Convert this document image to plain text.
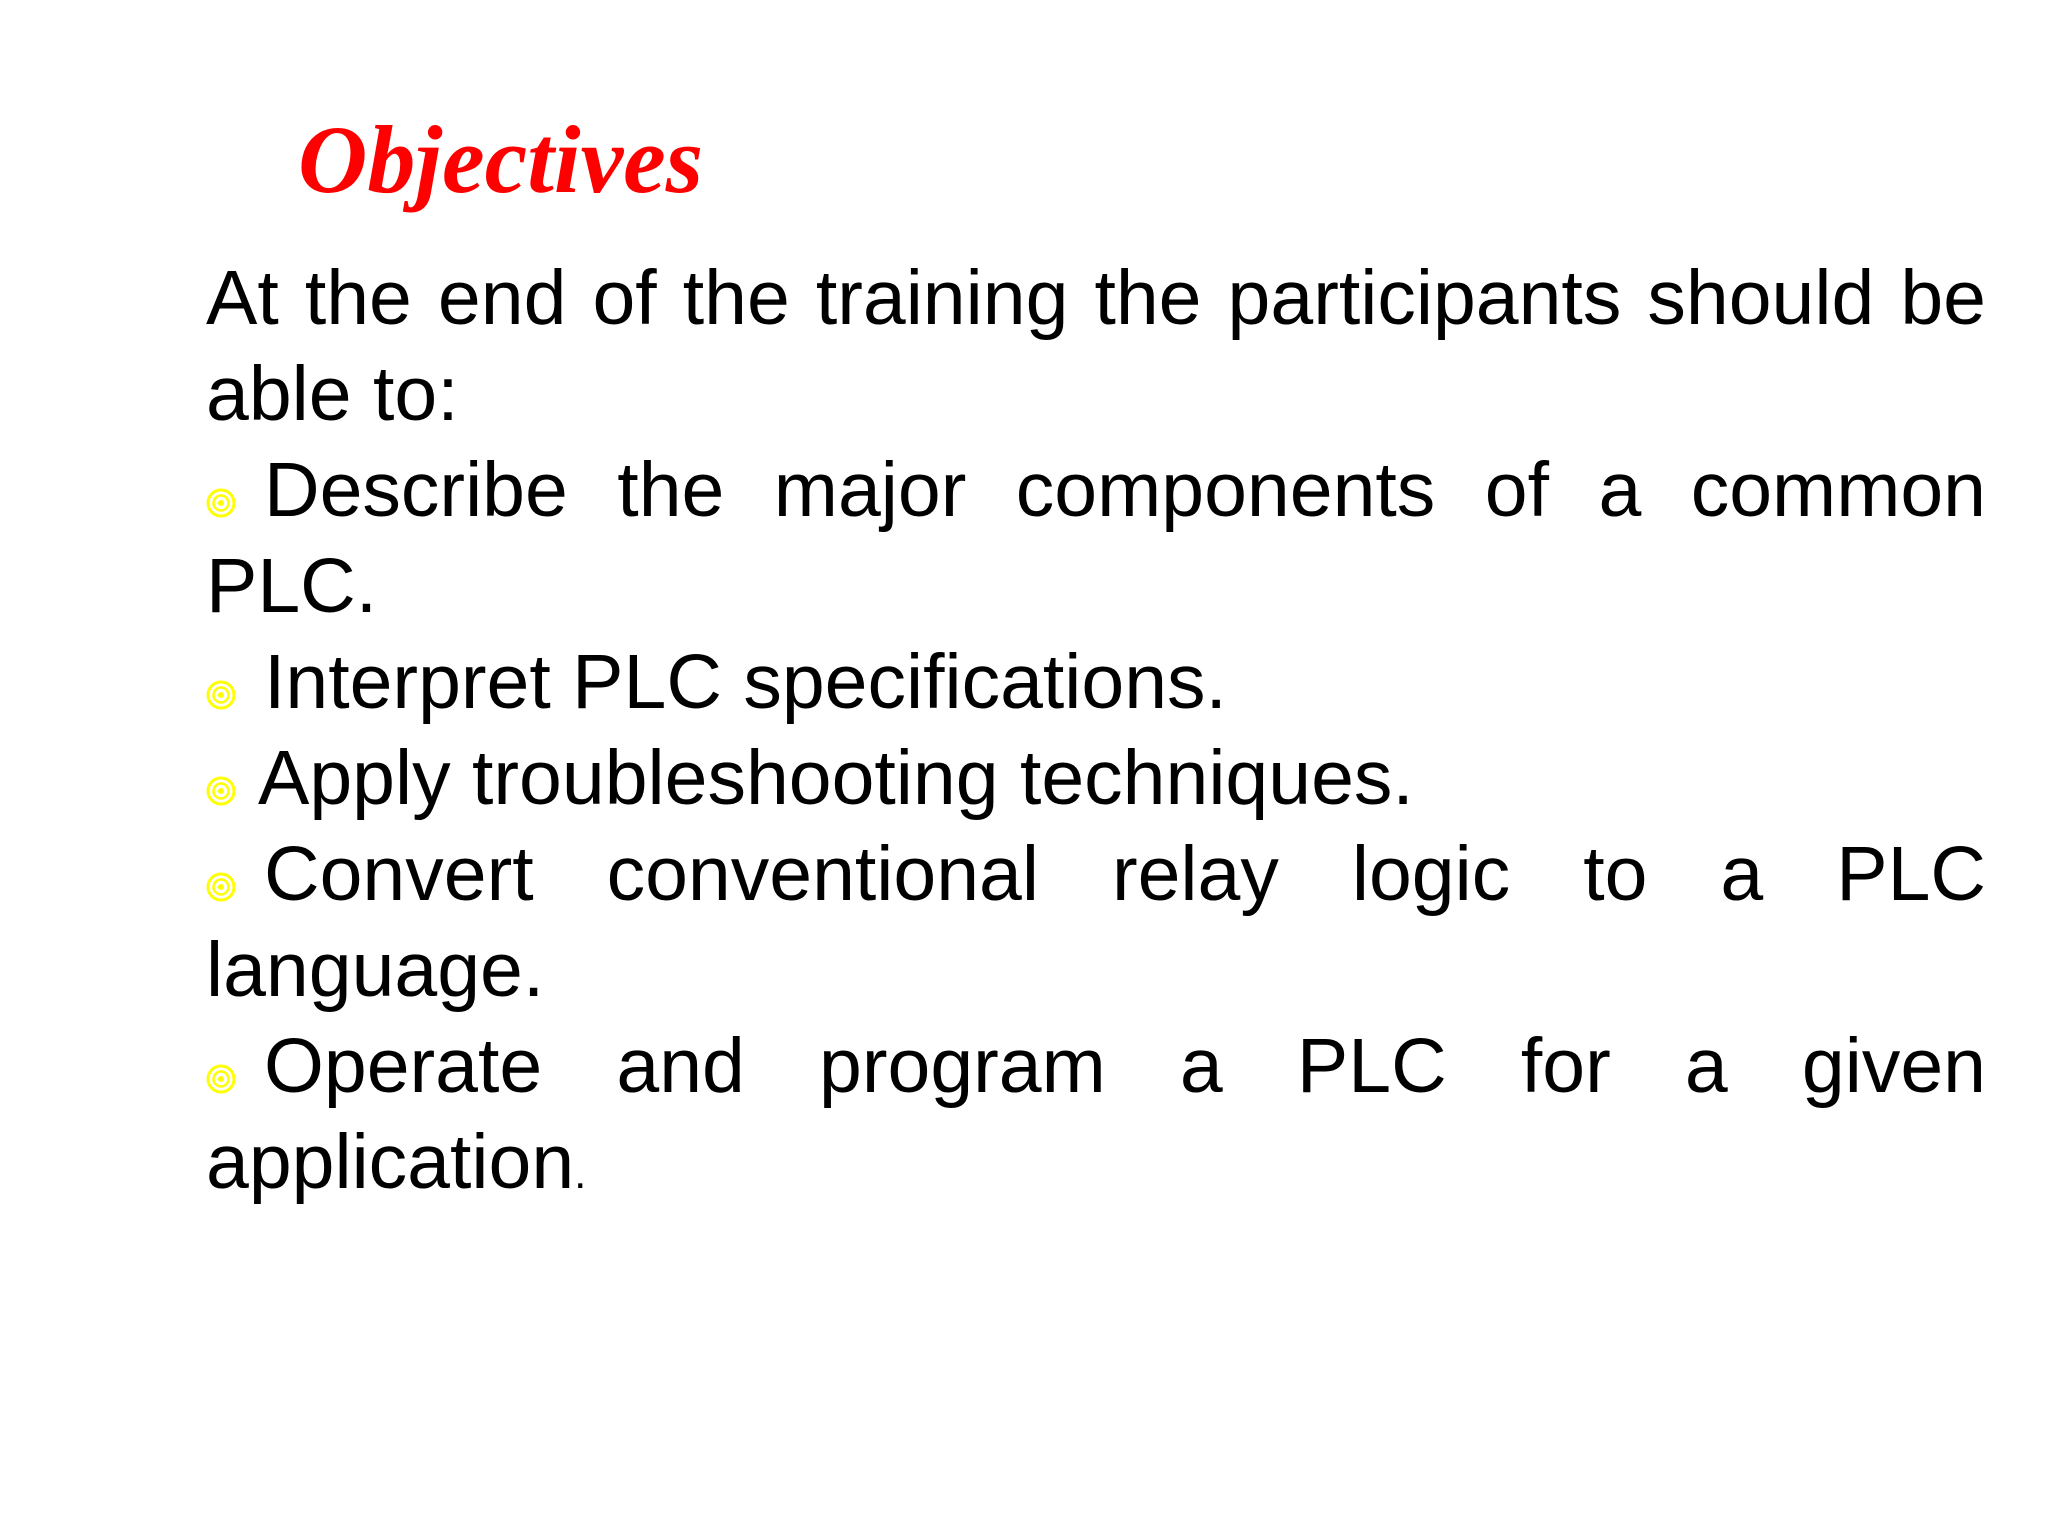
Objectives

At the end of the training the participants should be able to:

Describe the major components of a common PLC.

Interpret PLC specifications.

Apply troubleshooting techniques.

Convert conventional relay logic to a PLC language.

Operate and program a PLC for a given application.
